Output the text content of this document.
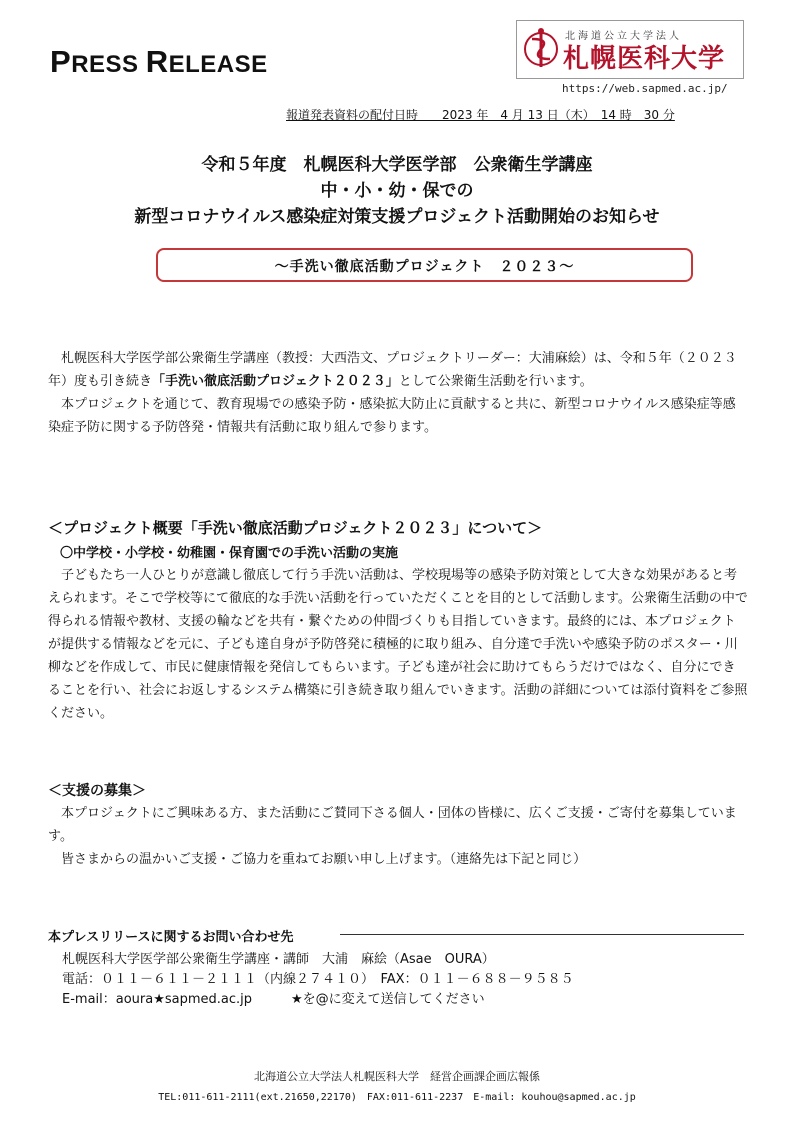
PRESS RELEASE
北海道公立大学法人
札幌医科大学
https://web.sapmed.ac.jp/
報道発表資料の配付日時　　2023 年　4 月 13 日（木）　14 時　30 分
令和５年度　札幌医科大学医学部　公衆衛生学講座
中・小・幼・保での
新型コロナウイルス感染症対策支援プロジェクト活動開始のお知らせ
～手洗い徹底活動プロジェクト　２０２３～
札幌医科大学医学部公衆衛生学講座（教授：大西浩文、プロジェクトリーダー：大浦麻絵）は、令和５年（２０２３年）度も引き続き「手洗い徹底活動プロジェクト２０２３」として公衆衛生活動を行います。
本プロジェクトを通じて、教育現場での感染予防・感染拡大防止に貢献すると共に、新型コロナウイルス感染症等感染症予防に関する予防啓発・情報共有活動に取り組んで参ります。
＜プロジェクト概要「手洗い徹底活動プロジェクト２０２３」について＞
〇中学校・小学校・幼稚園・保育園での手洗い活動の実施
子どもたち一人ひとりが意識し徹底して行う手洗い活動は、学校現場等の感染予防対策として大きな効果があると考えられます。そこで学校等にて徹底的な手洗い活動を行っていただくことを目的として活動します。公衆衛生活動の中で得られる情報や教材、支援の輪などを共有・繋ぐための仲間づくりも目指していきます。最終的には、本プロジェクトが提供する情報などを元に、子ども達自身が予防啓発に積極的に取り組み、自分達で手洗いや感染予防のポスター・川柳などを作成して、市民に健康情報を発信してもらいます。子ども達が社会に助けてもらうだけではなく、自分にできることを行い、社会にお返しするシステム構築に引き続き取り組んでいきます。活動の詳細については添付資料をご参照ください。
＜支援の募集＞
本プロジェクトにご興味ある方、また活動にご賛同下さる個人・団体の皆様に、広くご支援・ご寄付を募集しています。
皆さまからの温かいご支援・ご協力を重ねてお願い申し上げます。（連絡先は下記と同じ）
本プレスリリースに関するお問い合わせ先
札幌医科大学医学部公衆衛生学講座・講師　大浦　麻絵（Asae　OURA）
電話：０１１－６１１－２１１１（内線２７４１０）　FAX：０１１－６８８－９５８５
E-mail：aoura★sapmed.ac.jp　　　★を@に変えて送信してください
北海道公立大学法人札幌医科大学　経営企画課企画広報係
TEL:011-611-2111(ext.21650,22170)　FAX:011-611-2237　E-mail: kouhou@sapmed.ac.jp
